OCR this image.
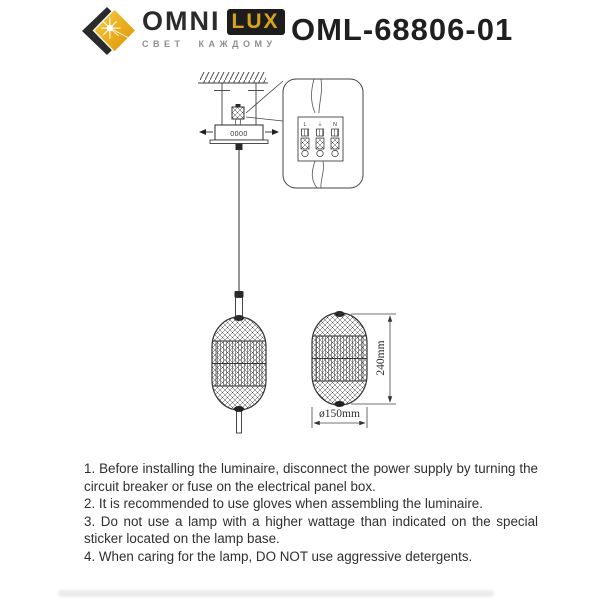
OMNI LUX
СВЕТ КАЖДОМУ OML-68806-01
0000
L ⏚ N
240mm
ø150mm

1. Before installing the luminaire, disconnect the power supply by turning the circuit breaker or fuse on the electrical panel box.

2. It is recommended to use gloves when assembling the luminaire.

3. Do not use a lamp with a higher wattage than indicated on the special sticker located on the lamp base.

4. When caring for the lamp, DO NOT use aggressive detergents.
